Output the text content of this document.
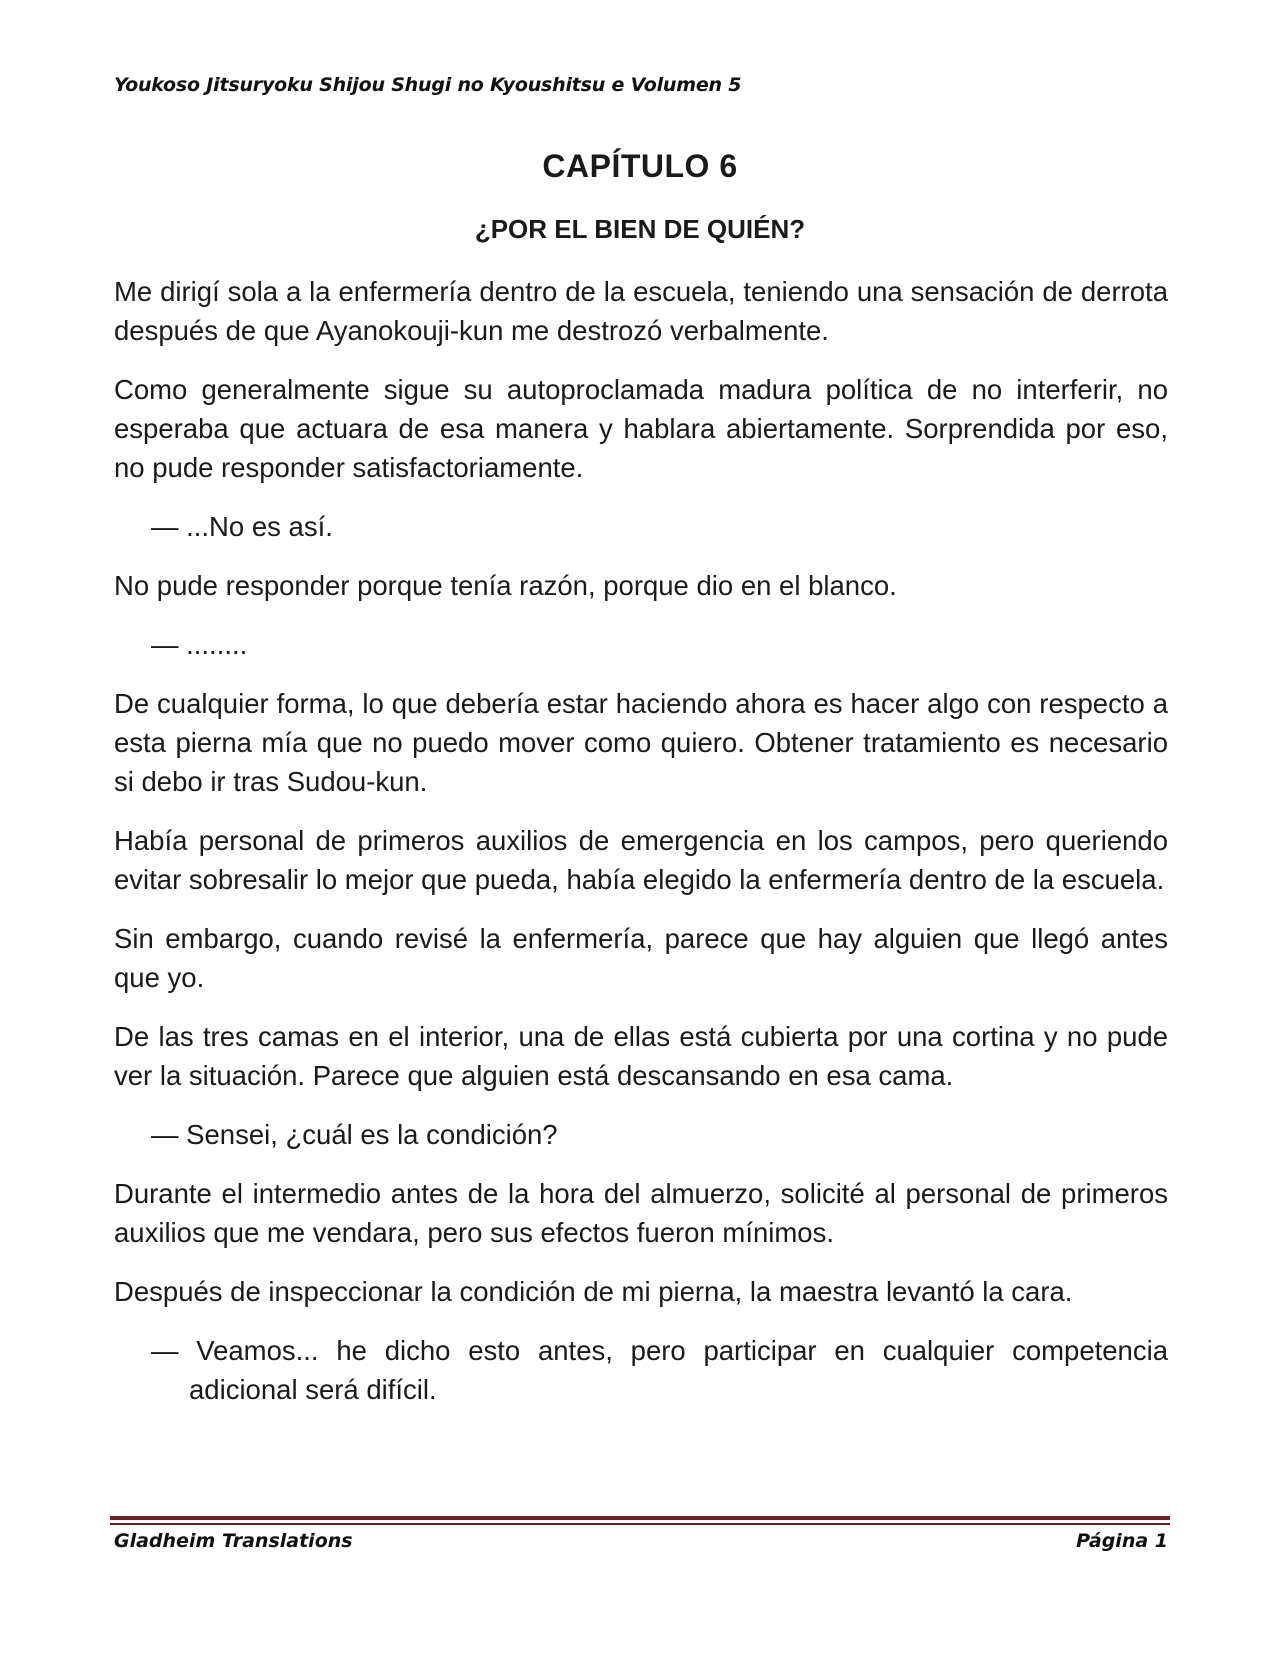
Youkoso Jitsuryoku Shijou Shugi no Kyoushitsu e Volumen 5
CAPÍTULO 6
¿POR EL BIEN DE QUIÉN?

Me dirigí sola a la enfermería dentro de la escuela, teniendo una sensación de derrota después de que Ayanokouji-kun me destrozó verbalmente.

Como generalmente sigue su autoproclamada madura política de no interferir, no esperaba que actuara de esa manera y hablara abiertamente. Sorprendida por eso, no pude responder satisfactoriamente.

— ...No es así.

No pude responder porque tenía razón, porque dio en el blanco.

— ........

De cualquier forma, lo que debería estar haciendo ahora es hacer algo con respecto a esta pierna mía que no puedo mover como quiero. Obtener tratamiento es necesario si debo ir tras Sudou-kun.

Había personal de primeros auxilios de emergencia en los campos, pero queriendo evitar sobresalir lo mejor que pueda, había elegido la enfermería dentro de la escuela.

Sin embargo, cuando revisé la enfermería, parece que hay alguien que llegó antes que yo.

De las tres camas en el interior, una de ellas está cubierta por una cortina y no pude ver la situación. Parece que alguien está descansando en esa cama.

— Sensei, ¿cuál es la condición?

Durante el intermedio antes de la hora del almuerzo, solicité al personal de primeros auxilios que me vendara, pero sus efectos fueron mínimos.

Después de inspeccionar la condición de mi pierna, la maestra levantó la cara.

— Veamos... he dicho esto antes, pero participar en cualquier competencia adicional será difícil.

Gladheim Translations	Página 1
